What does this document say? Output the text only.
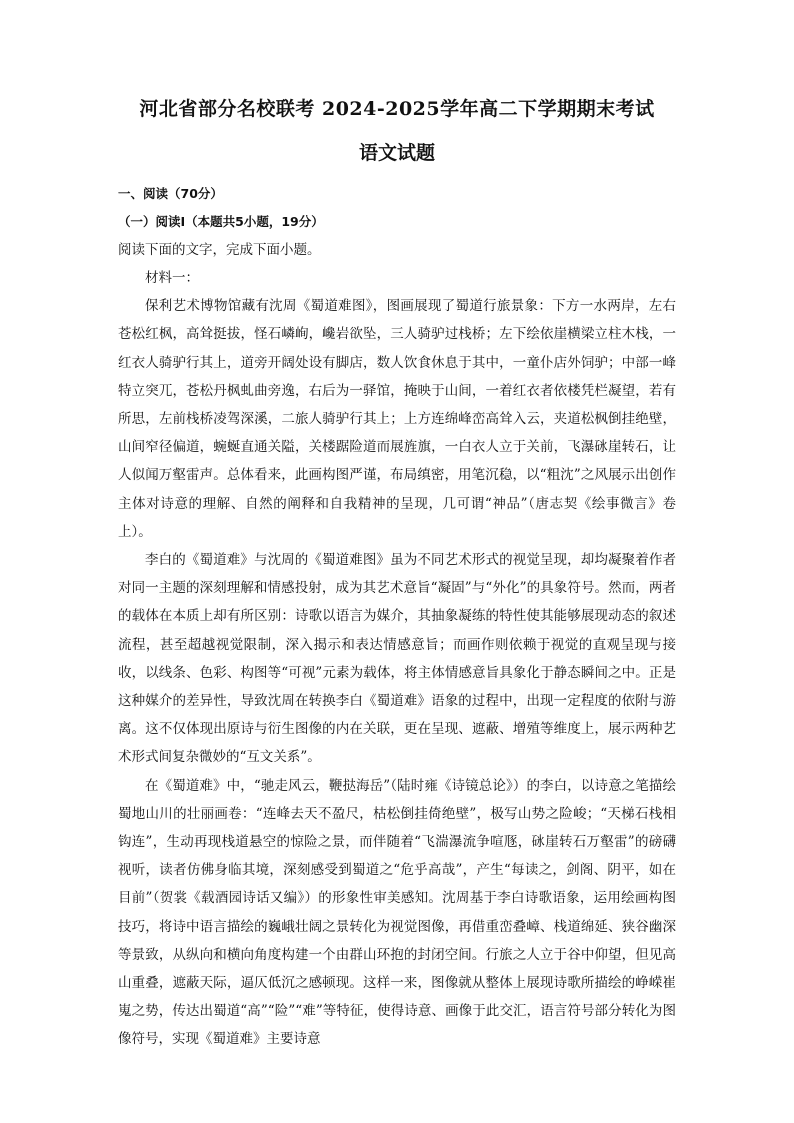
河北省部分名校联考 2024-2025学年高二下学期期末考试
语文试题

一、阅读（70分）

（一）阅读Ⅰ（本题共5小题，19分）

阅读下面的文字，完成下面小题。

材料一：

保利艺术博物馆藏有沈周《蜀道难图》，图画展现了蜀道行旅景象：下方一水两岸，左右苍松红枫，高耸挺拔，怪石嶙峋，巉岩欲坠，三人骑驴过栈桥；左下绘依崖横梁立柱木栈，一红衣人骑驴行其上，道旁开阔处设有脚店，数人饮食休息于其中，一童仆店外饲驴；中部一峰特立突兀，苍松丹枫虬曲旁逸，右后为一驿馆，掩映于山间，一着红衣者依楼凭栏凝望，若有所思，左前栈桥凌驾深溪，二旅人骑驴行其上；上方连绵峰峦高耸入云，夹道松枫倒挂绝壁，山间窄径偏道，蜿蜒直通关隘，关楼踞险道而展旌旗，一白衣人立于关前，飞瀑砯崖转石，让人似闻万壑雷声。总体看来，此画构图严谨，布局缜密，用笔沉稳，以“粗沈”之风展示出创作主体对诗意的理解、自然的阐释和自我精神的呈现，几可谓“神品”（唐志契《绘事微言》卷上）。

李白的《蜀道难》与沈周的《蜀道难图》虽为不同艺术形式的视觉呈现，却均凝聚着作者对同一主题的深刻理解和情感投射，成为其艺术意旨“凝固”与“外化”的具象符号。然而，两者的载体在本质上却有所区别：诗歌以语言为媒介，其抽象凝练的特性使其能够展现动态的叙述流程，甚至超越视觉限制，深入揭示和表达情感意旨；而画作则依赖于视觉的直观呈现与接收，以线条、色彩、构图等“可视”元素为载体，将主体情感意旨具象化于静态瞬间之中。正是这种媒介的差异性，导致沈周在转换李白《蜀道难》语象的过程中，出现一定程度的依附与游离。这不仅体现出原诗与衍生图像的内在关联，更在呈现、遮蔽、增殖等维度上，展示两种艺术形式间复杂微妙的“互文关系”。

在《蜀道难》中，“驰走风云，鞭挞海岳”（陆时雍《诗镜总论》）的李白，以诗意之笔描绘蜀地山川的壮丽画卷：“连峰去天不盈尺，枯松倒挂倚绝壁”，极写山势之险峻；“天梯石栈相钩连”，生动再现栈道悬空的惊险之景，而伴随着“飞湍瀑流争喧豗，砯崖转石万壑雷”的磅礴视听，读者仿佛身临其境，深刻感受到蜀道之“危乎高哉”，产生“每读之，剑阁、阴平，如在目前”（贺裳《载酒园诗话又编》）的形象性审美感知。沈周基于李白诗歌语象，运用绘画构图技巧，将诗中语言描绘的巍峨壮阔之景转化为视觉图像，再借重峦叠嶂、栈道绵延、狭谷幽深等景致，从纵向和横向角度构建一个由群山环抱的封闭空间。行旅之人立于谷中仰望，但见高山重叠，遮蔽天际，逼仄低沉之感顿现。这样一来，图像就从整体上展现诗歌所描绘的峥嵘崔嵬之势，传达出蜀道“高”“险”“难”等特征，使得诗意、画像于此交汇，语言符号部分转化为图像符号，实现《蜀道难》主要诗意
